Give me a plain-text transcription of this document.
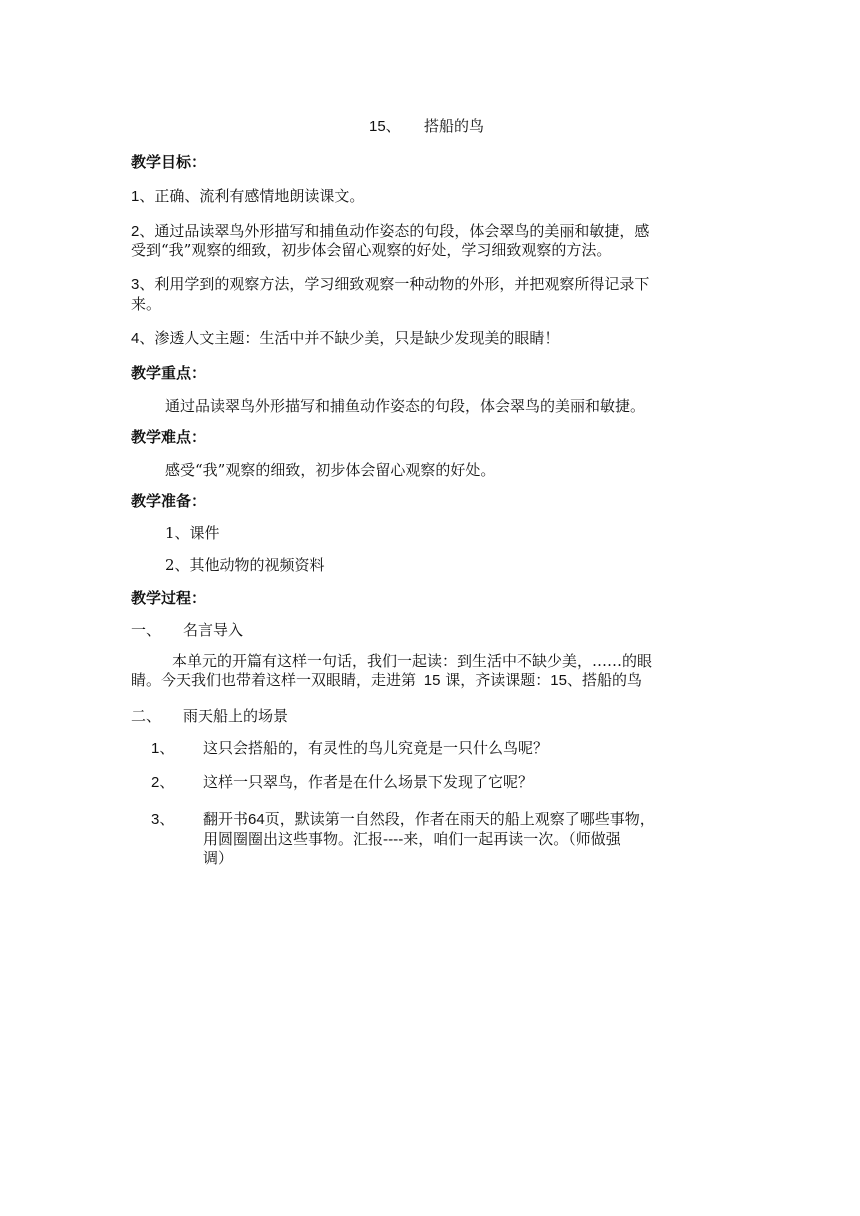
15、 搭船的鸟
教学目标：
1、正确、流利有感情地朗读课文。
2、通过品读翠鸟外形描写和捕鱼动作姿态的句段，体会翠鸟的美丽和敏捷，感
受到“我”观察的细致，初步体会留心观察的好处，学习细致观察的方法。
3、利用学到的观察方法，学习细致观察一种动物的外形，并把观察所得记录下
来。
4、渗透人文主题：生活中并不缺少美，只是缺少发现美的眼睛！
教学重点：
通过品读翠鸟外形描写和捕鱼动作姿态的句段，体会翠鸟的美丽和敏捷。
教学难点：
感受“我”观察的细致，初步体会留心观察的好处。
教学准备：
1、课件
2、其他动物的视频资料
教学过程：
一、 名言导入
本单元的开篇有这样一句话，我们一起读：到生活中不缺少美，……的眼
睛。今天我们也带着这样一双眼睛，走进第 15 课，齐读课题：15、搭船的鸟
二、 雨天船上的场景
1、 这只会搭船的，有灵性的鸟儿究竟是一只什么鸟呢？
2、 这样一只翠鸟，作者是在什么场景下发现了它呢？
3、 翻开书64页，默读第一自然段，作者在雨天的船上观察了哪些事物，
用圆圈圈出这些事物。汇报----来，咱们一起再读一次。（师做强
调）
